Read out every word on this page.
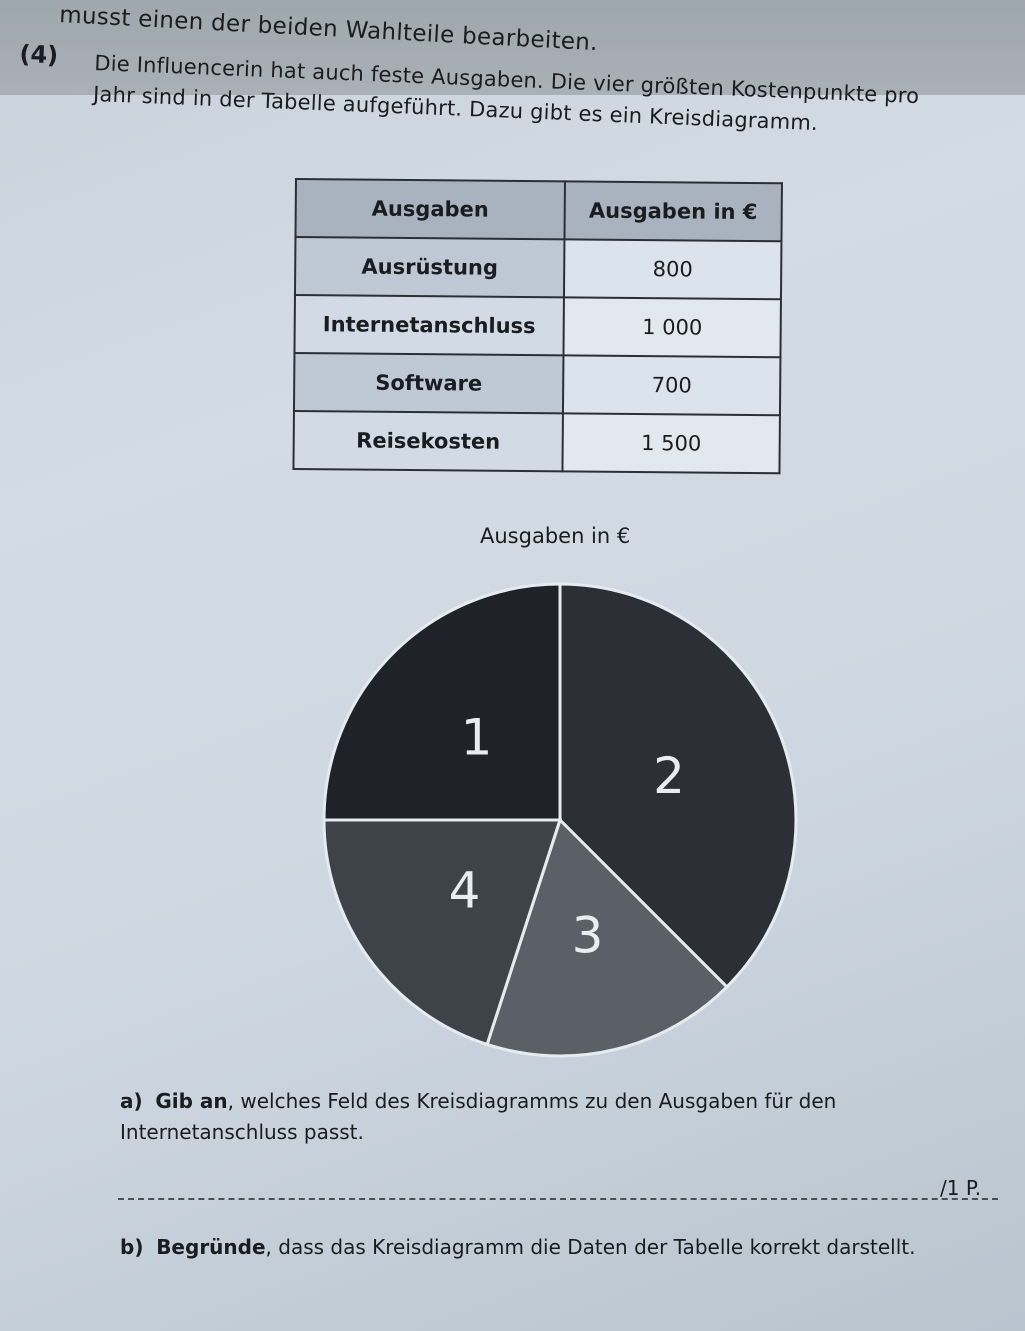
musst einen der beiden Wahlteile bearbeiten.
(4) Die Influencerin hat auch feste Ausgaben. Die vier größten Kostenpunkte pro Jahr sind in der Tabelle aufgeführt. Dazu gibt es ein Kreisdiagramm.
Ausgaben	Ausgaben in €
Ausrüstung	800
Internetanschluss	1 000
Software	700
Reisekosten	1 500
Ausgaben in €
1
2
3
4
a) Gib an, welches Feld des Kreisdiagramms zu den Ausgaben für den Internetanschluss passt.
/1 P.
b) Begründe, dass das Kreisdiagramm die Daten der Tabelle korrekt darstellt.
